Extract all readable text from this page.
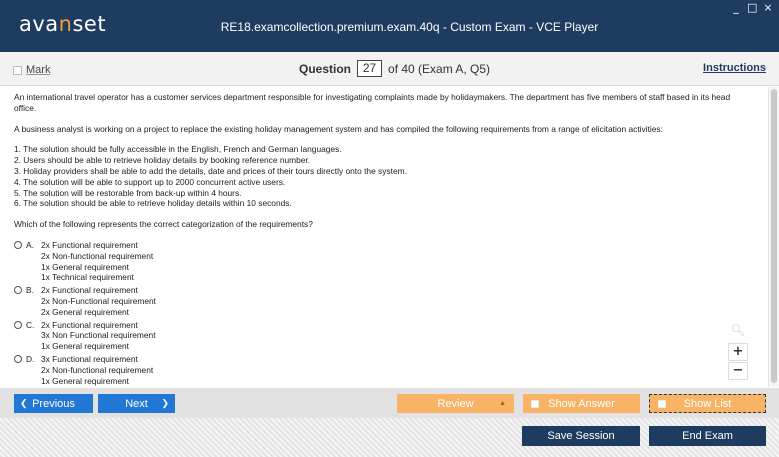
avanset	RE18.examcollection.premium.exam.40q - Custom Exam - VCE Player
_ □ ×
Mark	Question 27 of 40 (Exam A, Q5)	Instructions

An international travel operator has a customer services department responsible for investigating complaints made by holidaymakers. The department has five members of staff based in its head office.

A business analyst is working on a project to replace the existing holiday management system and has compiled the following requirements from a range of elicitation activities:

1. The solution should be fully accessible in the English, French and German languages.
2. Users should be able to retrieve holiday details by booking reference number.
3. Holiday providers shall be able to add the details, date and prices of their tours directly onto the system.
4. The solution will be able to support up to 2000 concurrent active users.
5. The solution will be restorable from back-up within 4 hours.
6. The solution should be able to retrieve holiday details within 10 seconds.

Which of the following represents the correct categorization of the requirements?

A. 2x Functional requirement
2x Non-functional requirement
1x General requirement
1x Technical requirement
B. 2x Functional requirement
2x Non-Functional requirement
2x General requirement
C. 2x Functional requirement
3x Non Functional requirement
1x General requirement
D. 3x Functional requirement
2x Non-functional requirement
1x General requirement
🔍︎
+
−
❮ Previous	Next ❯	Review	▲	Show Answer	Show List
Save Session	End Exam
